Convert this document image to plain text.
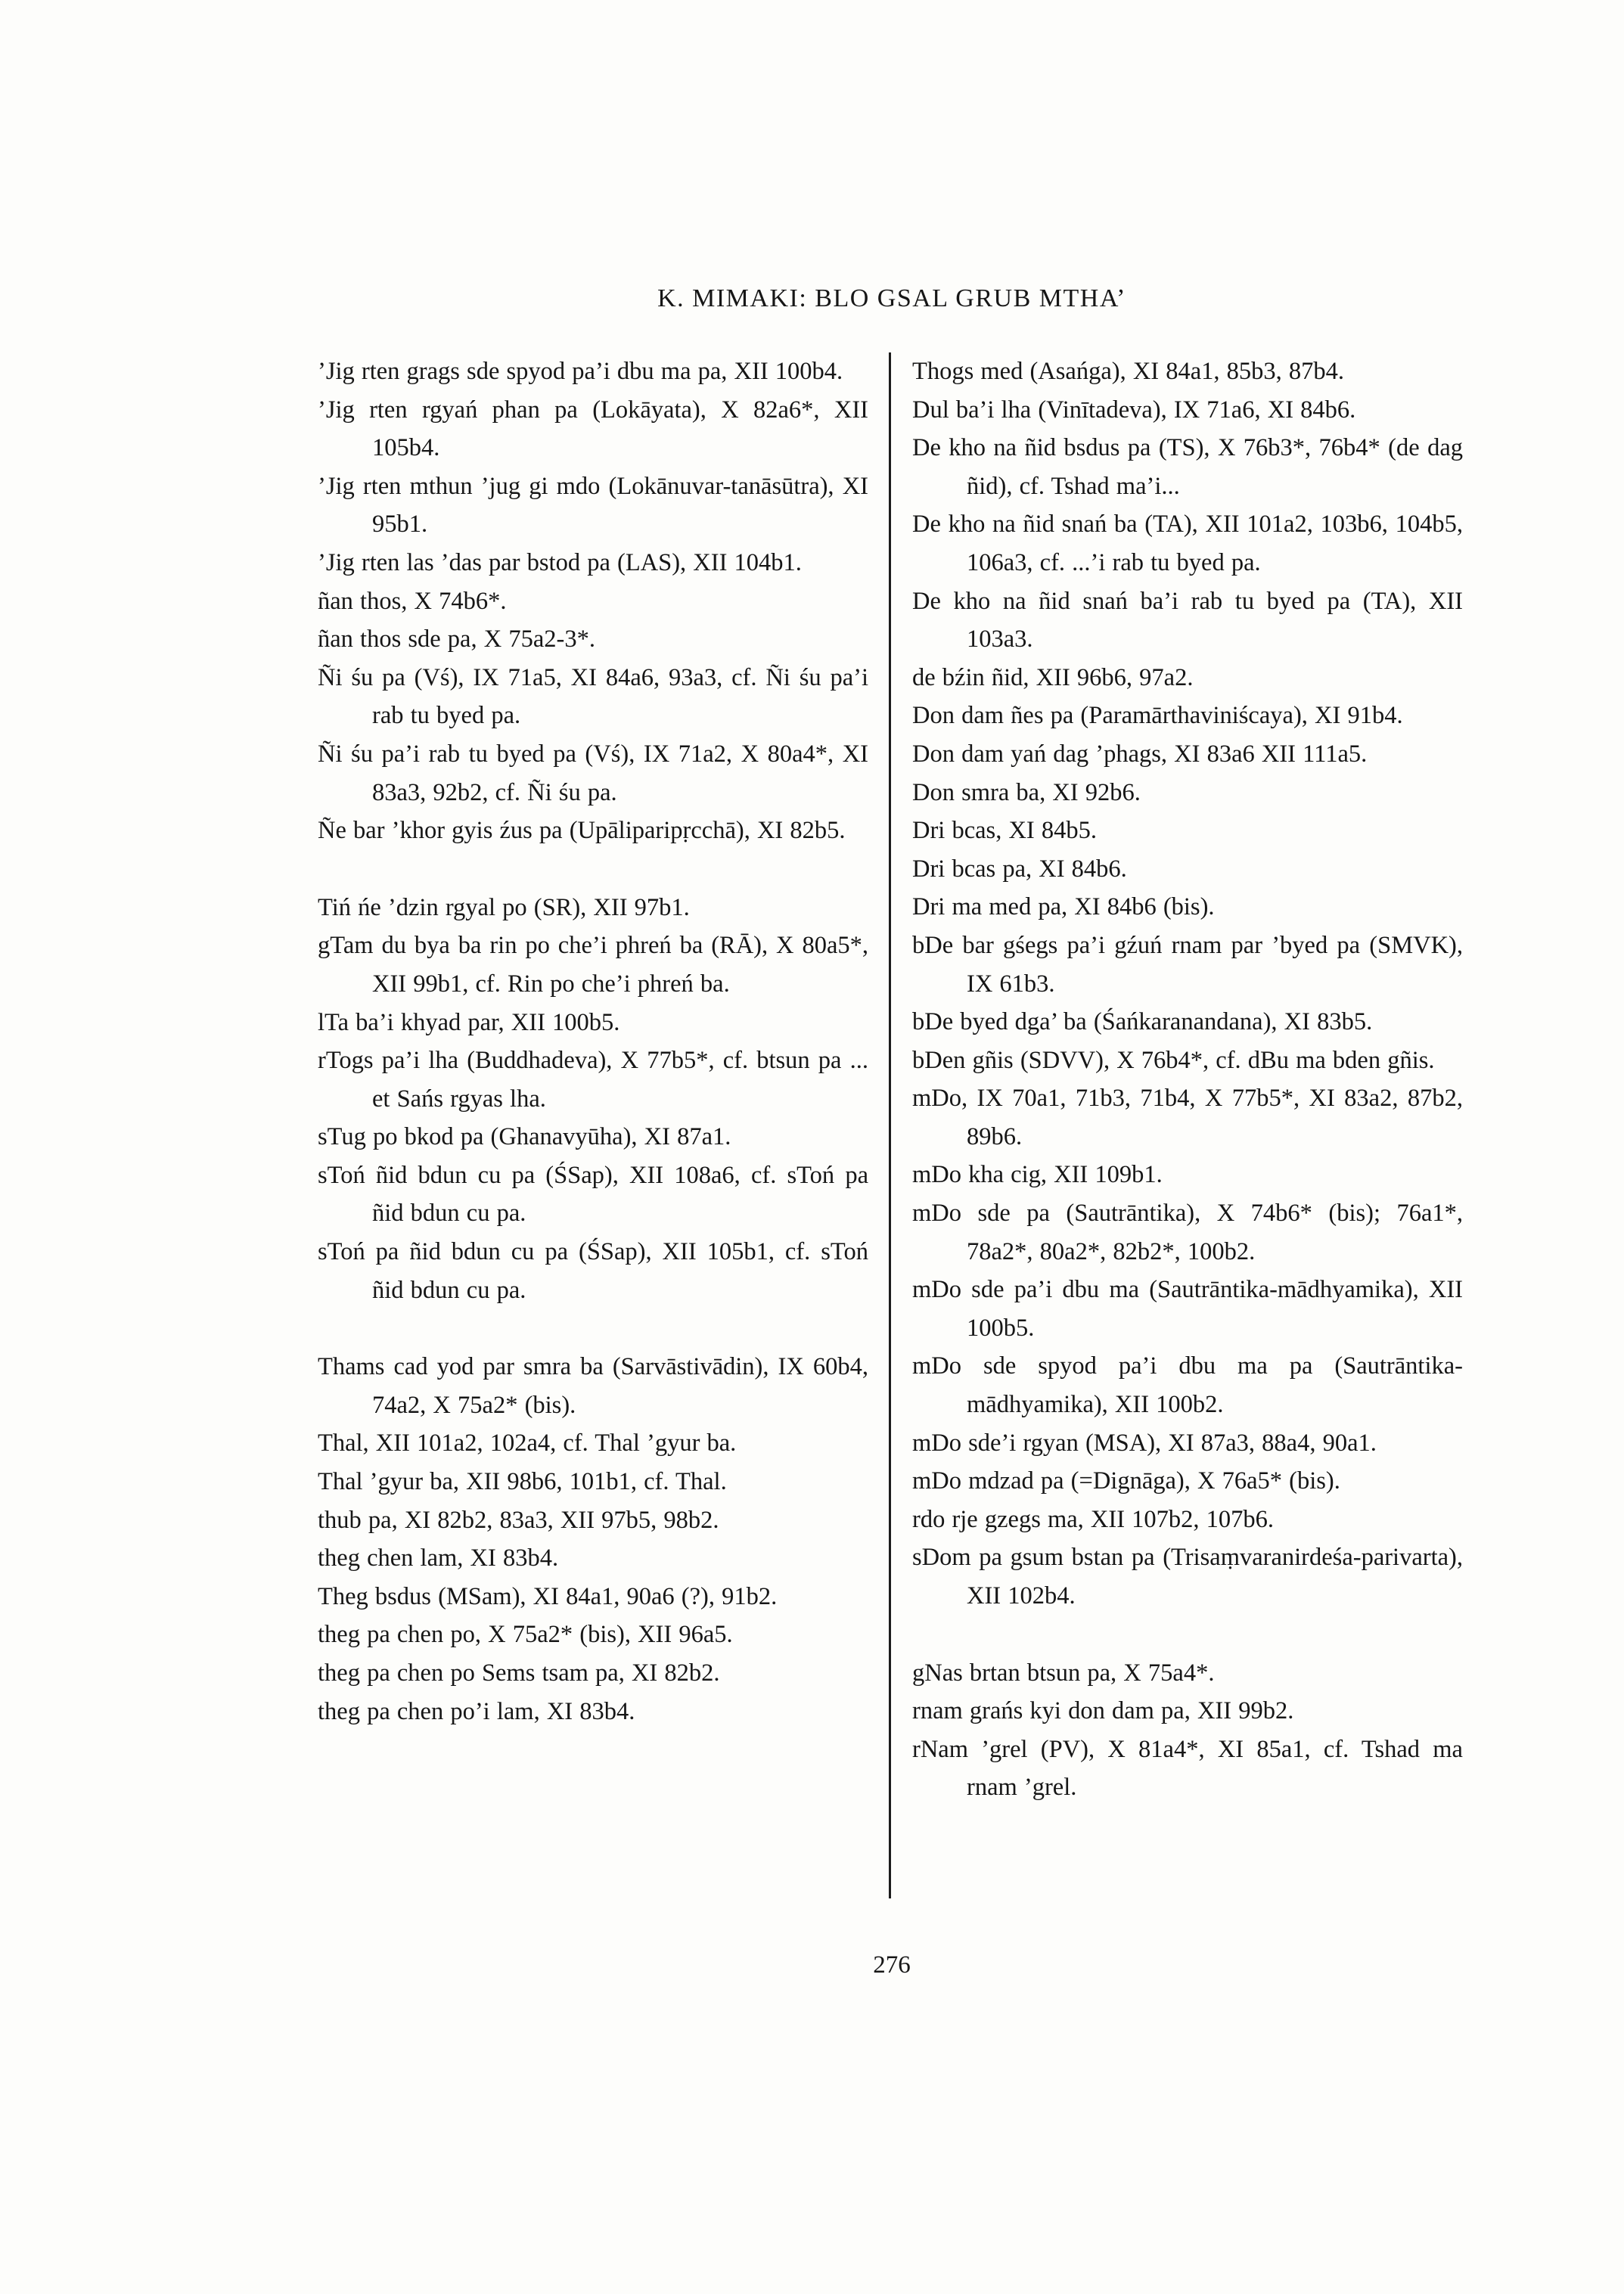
K. MIMAKI: BLO GSAL GRUB MTHA’

’Jig rten grags sde spyod pa’i dbu ma pa, XII 100b4.

’Jig rten rgyań phan pa (Lokāyata), X 82a6*, XII 105b4.

’Jig rten mthun ’jug gi mdo (Lokānuvar-tanāsūtra), XI 95b1.

’Jig rten las ’das par bstod pa (LAS), XII 104b1.

ñan thos, X 74b6*.

ñan thos sde pa, X 75a2-3*.

Ñi śu pa (Vś), IX 71a5, XI 84a6, 93a3, cf. Ñi śu pa’i rab tu byed pa.

Ñi śu pa’i rab tu byed pa (Vś), IX 71a2, X 80a4*, XI 83a3, 92b2, cf. Ñi śu pa.

Ñe bar ’khor gyis źus pa (Upāliparipṛcchā), XI 82b5.

Tiń ńe ’dzin rgyal po (SR), XII 97b1.

gTam du bya ba rin po che’i phreń ba (RĀ), X 80a5*, XII 99b1, cf. Rin po che’i phreń ba.

lTa ba’i khyad par, XII 100b5.

rTogs pa’i lha (Buddhadeva), X 77b5*, cf. btsun pa ... et Sańs rgyas lha.

sTug po bkod pa (Ghanavyūha), XI 87a1.

sToń ñid bdun cu pa (ŚSap), XII 108a6, cf. sToń pa ñid bdun cu pa.

sToń pa ñid bdun cu pa (ŚSap), XII 105b1, cf. sToń ñid bdun cu pa.

Thams cad yod par smra ba (Sarvāstivādin), IX 60b4, 74a2, X 75a2* (bis).

Thal, XII 101a2, 102a4, cf. Thal ’gyur ba.

Thal ’gyur ba, XII 98b6, 101b1, cf. Thal.

thub pa, XI 82b2, 83a3, XII 97b5, 98b2.

theg chen lam, XI 83b4.

Theg bsdus (MSam), XI 84a1, 90a6 (?), 91b2.

theg pa chen po, X 75a2* (bis), XII 96a5.

theg pa chen po Sems tsam pa, XI 82b2.

theg pa chen po’i lam, XI 83b4.

Thogs med (Asańga), XI 84a1, 85b3, 87b4.

Dul ba’i lha (Vinītadeva), IX 71a6, XI 84b6.

De kho na ñid bsdus pa (TS), X 76b3*, 76b4* (de dag ñid), cf. Tshad ma’i...

De kho na ñid snań ba (TA), XII 101a2, 103b6, 104b5, 106a3, cf. ...’i rab tu byed pa.

De kho na ñid snań ba’i rab tu byed pa (TA), XII 103a3.

de bźin ñid, XII 96b6, 97a2.

Don dam ñes pa (Paramārthaviniścaya), XI 91b4.

Don dam yań dag ’phags, XI 83a6 XII 111a5.

Don smra ba, XI 92b6.

Dri bcas, XI 84b5.

Dri bcas pa, XI 84b6.

Dri ma med pa, XI 84b6 (bis).

bDe bar gśegs pa’i gźuń rnam par ’byed pa (SMVK), IX 61b3.

bDe byed dga’ ba (Śańkaranandana), XI 83b5.

bDen gñis (SDVV), X 76b4*, cf. dBu ma bden gñis.

mDo, IX 70a1, 71b3, 71b4, X 77b5*, XI 83a2, 87b2, 89b6.

mDo kha cig, XII 109b1.

mDo sde pa (Sautrāntika), X 74b6* (bis); 76a1*, 78a2*, 80a2*, 82b2*, 100b2.

mDo sde pa’i dbu ma (Sautrāntika-mādhyamika), XII 100b5.

mDo sde spyod pa’i dbu ma pa (Sautrāntika-mādhyamika), XII 100b2.

mDo sde’i rgyan (MSA), XI 87a3, 88a4, 90a1.

mDo mdzad pa (=Dignāga), X 76a5* (bis).

rdo rje gzegs ma, XII 107b2, 107b6.

sDom pa gsum bstan pa (Trisaṃvaranirdeśa-parivarta), XII 102b4.

gNas brtan btsun pa, X 75a4*.

rnam grańs kyi don dam pa, XII 99b2.

rNam ’grel (PV), X 81a4*, XI 85a1, cf. Tshad ma rnam ’grel.

276
